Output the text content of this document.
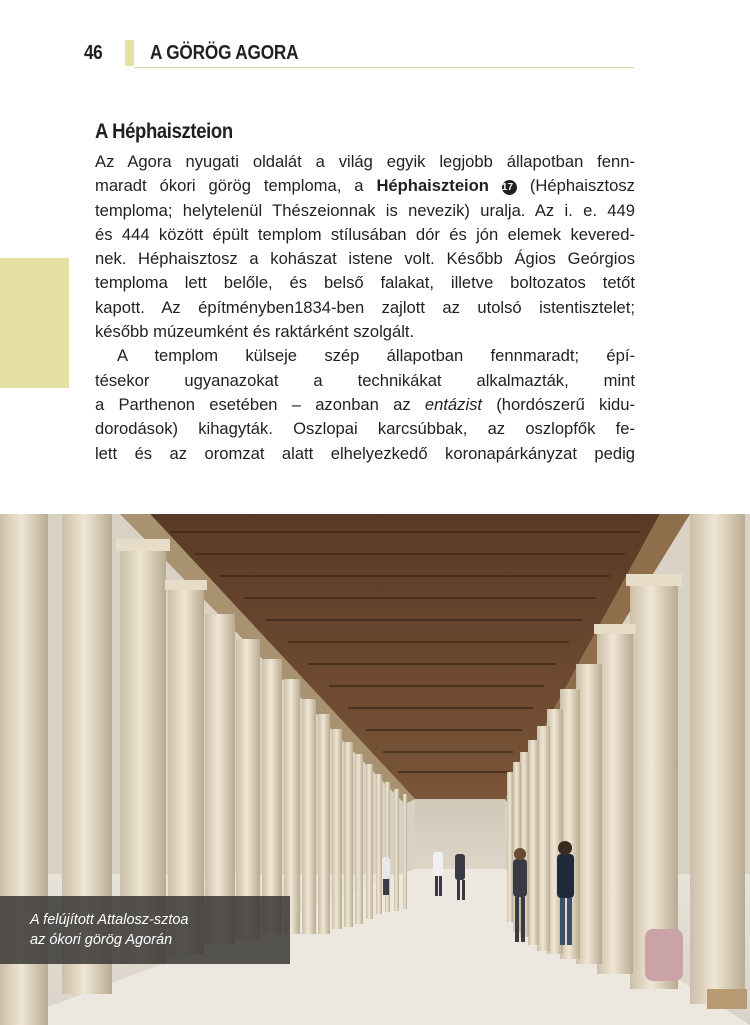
46 A GÖRÖG AGORA
A Héphaiszteion
Az Agora nyugati oldalát a világ egyik legjobb állapotban fenn-
maradt ókori görög temploma, a Héphaiszteion 17 (Héphaisztosz
temploma; helytelenül Thészeionnak is nevezik) uralja. Az i. e. 449
és 444 között épült templom stílusában dór és jón elemek kevered-
nek. Héphaisztosz a kohászat istene volt. Később Ágios Geórgios
temploma lett belőle, és belső falakat, illetve boltozatos tetőt
kapott. Az építményben1834-ben zajlott az utolsó istentisztelet;
később múzeumként és raktárként szolgált.
A templom külseje szép állapotban fennmaradt; épí-
tésekor ugyanazokat a technikákat alkalmazták, mint
a Parthenon esetében – azonban az entázist (hordószerű kidu-
dorodások) kihagyták. Oszlopai karcsúbbak, az oszlopfők fe-
lett és az oromzat alatt elhelyezkedő koronapárkányzat pedig
A felújított Attalosz-sztoa
az ókori görög Agorán
